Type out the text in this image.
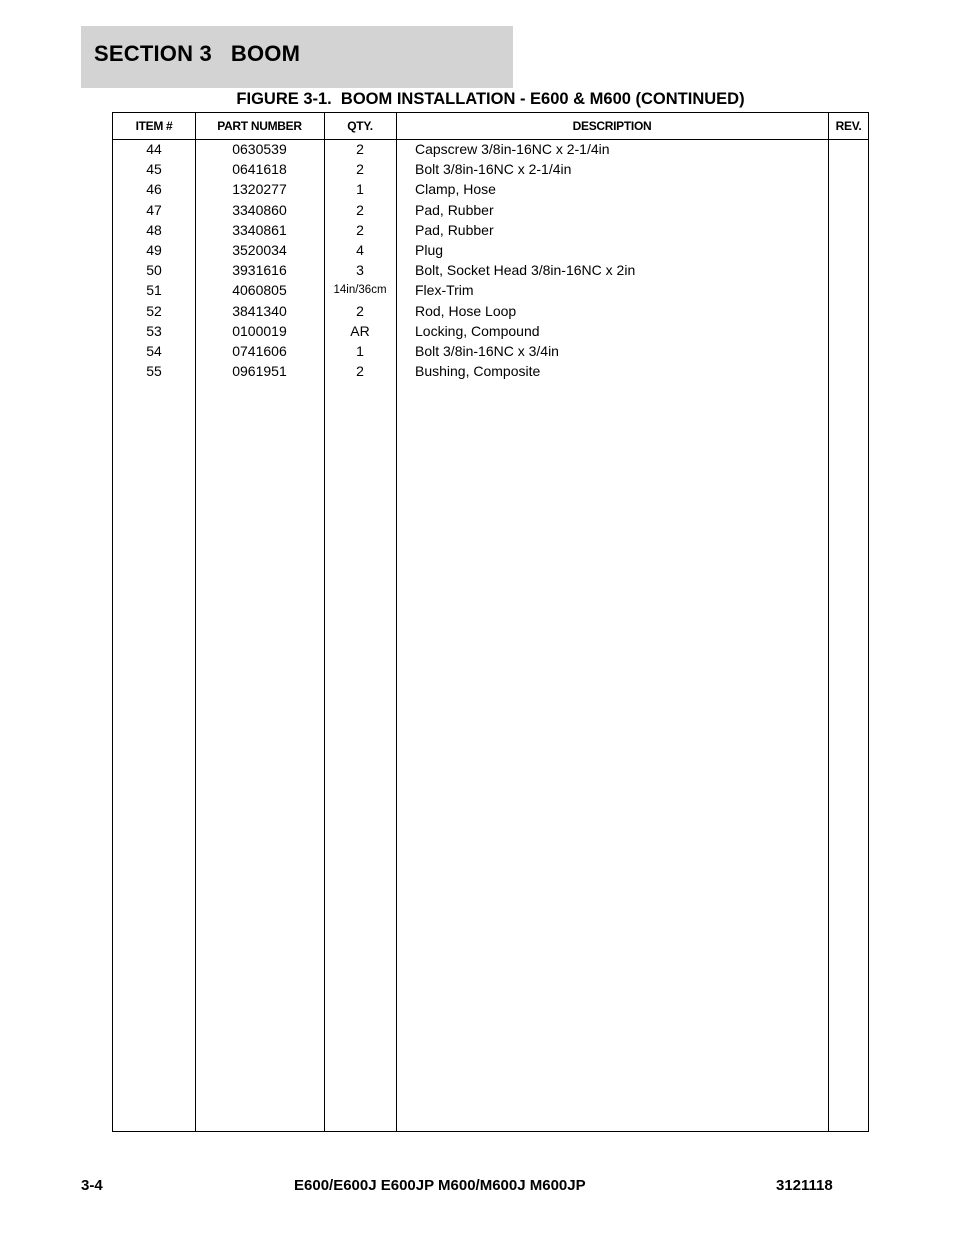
SECTION 3   BOOM
FIGURE 3-1.  BOOM INSTALLATION - E600 & M600 (CONTINUED)
ITEM #	PART NUMBER	QTY.	DESCRIPTION	REV.
44	0630539	2	Capscrew 3/8in-16NC x 2-1/4in
45	0641618	2	Bolt 3/8in-16NC x 2-1/4in
46	1320277	1	Clamp, Hose
47	3340860	2	Pad, Rubber
48	3340861	2	Pad, Rubber
49	3520034	4	Plug
50	3931616	3	Bolt, Socket Head 3/8in-16NC x 2in
51	4060805	14in/36cm	Flex-Trim
52	3841340	2	Rod, Hose Loop
53	0100019	AR	Locking, Compound
54	0741606	1	Bolt 3/8in-16NC x 3/4in
55	0961951	2	Bushing, Composite
3-4	E600/E600J E600JP M600/M600J M600JP	3121118
